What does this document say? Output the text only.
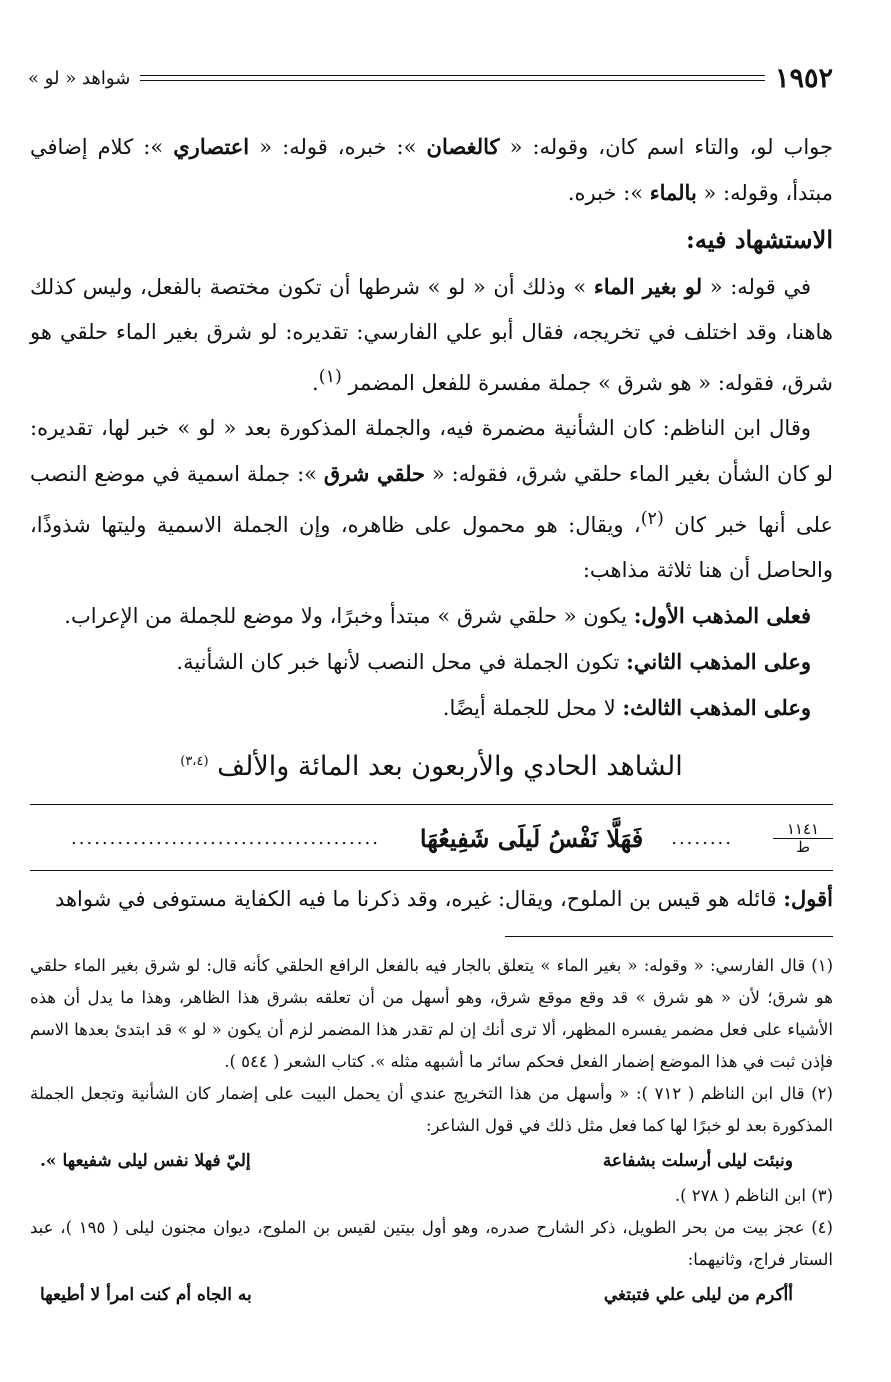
١٩٥٢
شواهد « لو »

جواب لو، والتاء اسم كان، وقوله: « كالغصان »: خبره، قوله: « اعتصاري »: كلام إضافي مبتدأ، وقوله: « بالماء »: خبره.

الاستشهاد فيه:

في قوله: « لو بغير الماء » وذلك أن « لو » شرطها أن تكون مختصة بالفعل، وليس كذلك هاهنا، وقد اختلف في تخريجه، فقال أبو علي الفارسي: تقديره: لو شرق بغير الماء حلقي هو شرق، فقوله: « هو شرق » جملة مفسرة للفعل المضمر $^{(١)}$.

وقال ابن الناظم: كان الشأنية مضمرة فيه، والجملة المذكورة بعد « لو » خبر لها، تقديره: لو كان الشأن بغير الماء حلقي شرق، فقوله: « حلقي شرق »: جملة اسمية في موضع النصب على أنها خبر كان $^{(٢)}$، ويقال: هو محمول على ظاهره، وإن الجملة الاسمية وليتها شذوذًا، والحاصل أن هنا ثلاثة مذاهب:

فعلى المذهب الأول: يكون « حلقي شرق » مبتدأ وخبرًا، ولا موضع للجملة من الإعراب.

وعلى المذهب الثاني: تكون الجملة في محل النصب لأنها خبر كان الشأنية.

وعلى المذهب الثالث: لا محل للجملة أيضًا.

الشاهد الحادي والأربعون بعد المائة والألف $^{(٣،٤)}$

١١٤١
ط
........
فَهَلَّا نَفْسُ لَيلَى شَفِيعُهَا
........................................

أقول: قائله هو قيس بن الملوح، ويقال: غيره، وقد ذكرنا ما فيه الكفاية مستوفى في شواهد

(١) قال الفارسي: « وقوله: « بغير الماء » يتعلق بالجار فيه بالفعل الرافع الحلقي كأنه قال: لو شرق بغير الماء حلقي هو شرق؛ لأن « هو شرق » قد وقع موقع شرق، وهو أسهل من أن تعلقه بشرق هذا الظاهر، وهذا ما يدل أن هذه الأشياء على فعل مضمر يفسره المظهر، ألا ترى أنك إن لم تقدر هذا المضمر لزم أن يكون « لو » قد ابتدئ بعدها الاسم فإذن ثبت في هذا الموضع إضمار الفعل فحكم سائر ما أشبهه مثله ». كتاب الشعر ( ٥٤٤ ).

(٢) قال ابن الناظم ( ٧١٢ ): « وأسهل من هذا التخريج عندي أن يحمل البيت على إضمار كان الشأنية وتجعل الجملة المذكورة بعد لو خبرًا لها كما فعل مثل ذلك في قول الشاعر:

ونبئت ليلى أرسلت بشفاعة
إليّ فهلا نفس ليلى شفيعها ».

(٣) ابن الناظم ( ٢٧٨ ).

(٤) عجز بيت من بحر الطويل، ذكر الشارح صدره، وهو أول بيتين لقيس بن الملوح، ديوان مجنون ليلى ( ١٩٥ )، عبد الستار فراج، وثانيهما:

أأكرم من ليلى علي فتبتغي
به الجاه أم كنت امرأ لا أطيعها
